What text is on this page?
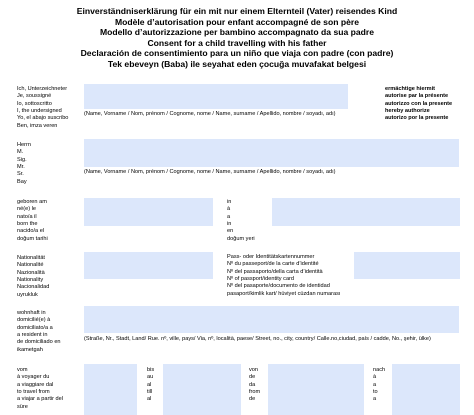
Einverständniserklärung für ein mit nur einem Elternteil (Vater) reisendes Kind
Modèle d’autorisation pour enfant accompagné de son père
Modello d’autorizzazione per bambino accompagnato da sua padre
Consent for a child travelling with his father
Declaración de consentimiento para un niño que viaja con padre (con padre)
Tek ebeveyn (Baba) ile seyahat eden çocuğa muvafakat belgesi
Ich, Unterzeichneter
Je, soussigné
Io, sottoscritto
I, the undersigned
Yo, el abajo suscribo
Ben, imza veren
ermächtige hiermit
autorise par la présente
autorizzo con la presente
hereby authorize
autorizo por la presente
(Name, Vorname / Nom, prénom / Cognome, nome / Name, surname / Apellido, nombre / soyadı, adı)
Herrn
M.
Sig.
Mr.
Sr.
Bay
(Name, Vorname / Nom, prénom / Cognome, nome / Name, surname / Apellido, nombre / soyadı, adı)
geboren am
né(e) le
nato/a il
born the
nacido/a el
doğum tarihi
in
à
a
in
en
doğum yeri
Nationalität
Nationalité
Nazionalità
Nationality
Nacionalidad
uyrukluk
Pass- oder Identitätskartennummer
Nº du passeport/de la carte d’identité
Nº del passaporto/della carta d’identità
Nº of passport/identity card
Nº del pasaporte/documento de identidad
pasaport/kimlik kart/ hüviyet cüzdan numarası
wohnhaft in
domicilié(e) à
domiciliato/a a
a resident in
de domiciliado en
ikametgah
(Straße, Nr., Stadt, Land/ Rue. nº, ville, pays/ Via, nº, località, paese/ Street, no., city, country/ Calle.no,ciudad, país / cadde, No., şehir, ülke)
vom
à voyager du
a viaggiare dal
to travel from
a viajar a partir del
süre
bis
au
al
till
al
von
de
da
from
de
nach
à
a
to
a
